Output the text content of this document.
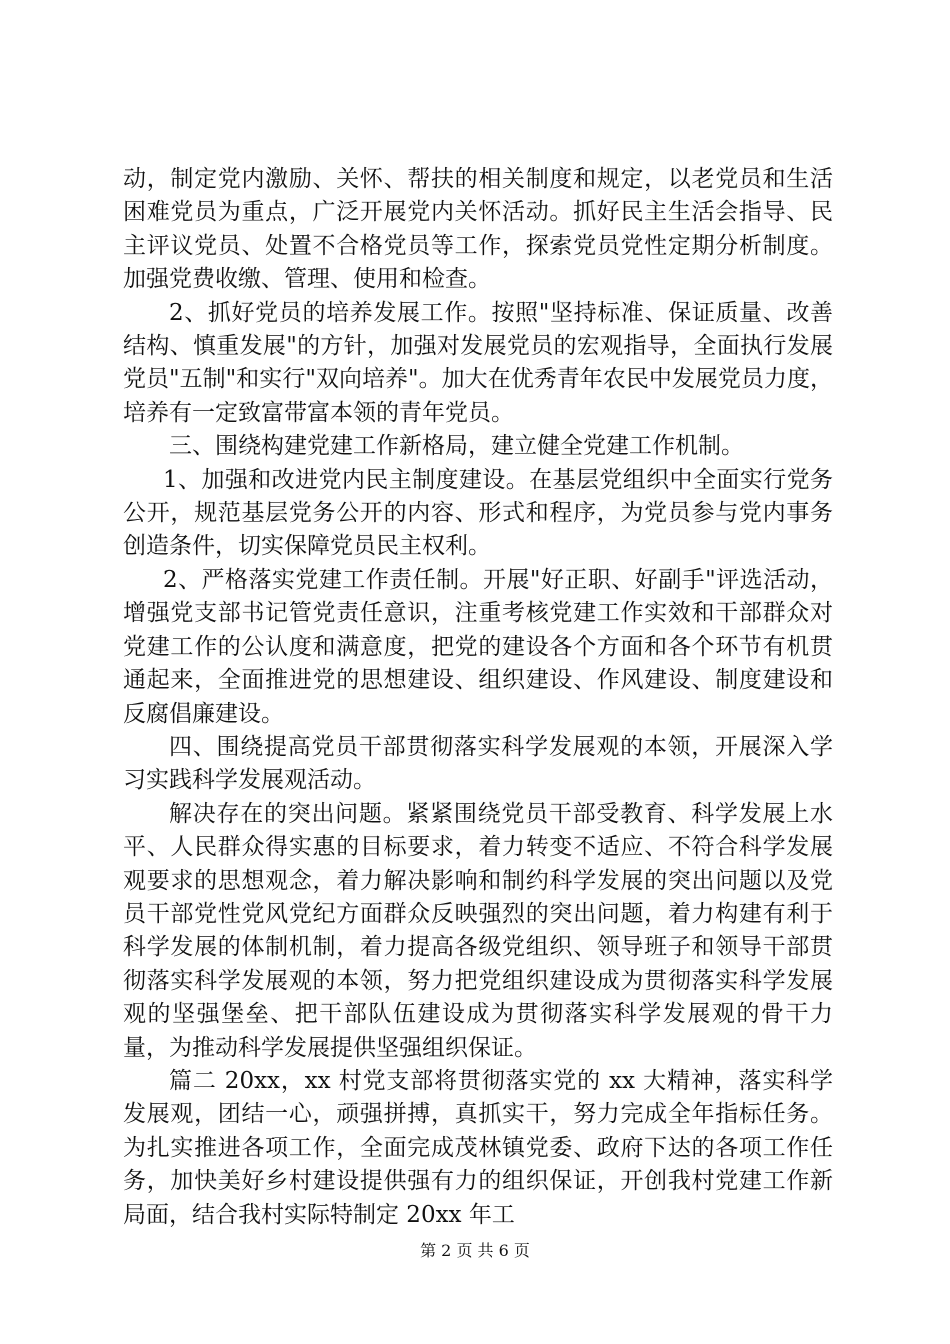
动，制定党内激励、关怀、帮扶的相关制度和规定，以老党员和生活困难党员为重点，广泛开展党内关怀活动。抓好民主生活会指导、民主评议党员、处置不合格党员等工作，探索党员党性定期分析制度。加强党费收缴、管理、使用和检查。

2、抓好党员的培养发展工作。按照"坚持标准、保证质量、改善结构、慎重发展"的方针，加强对发展党员的宏观指导，全面执行发展党员"五制"和实行"双向培养"。加大在优秀青年农民中发展党员力度，培养有一定致富带富本领的青年党员。

三、围绕构建党建工作新格局，建立健全党建工作机制。

1、加强和改进党内民主制度建设。在基层党组织中全面实行党务公开，规范基层党务公开的内容、形式和程序，为党员参与党内事务创造条件，切实保障党员民主权利。

2、严格落实党建工作责任制。开展"好正职、好副手"评选活动，增强党支部书记管党责任意识，注重考核党建工作实效和干部群众对党建工作的公认度和满意度，把党的建设各个方面和各个环节有机贯通起来，全面推进党的思想建设、组织建设、作风建设、制度建设和反腐倡廉建设。

四、围绕提高党员干部贯彻落实科学发展观的本领，开展深入学习实践科学发展观活动。

解决存在的突出问题。紧紧围绕党员干部受教育、科学发展上水平、人民群众得实惠的目标要求，着力转变不适应、不符合科学发展观要求的思想观念，着力解决影响和制约科学发展的突出问题以及党员干部党性党风党纪方面群众反映强烈的突出问题，着力构建有利于科学发展的体制机制，着力提高各级党组织、领导班子和领导干部贯彻落实科学发展观的本领，努力把党组织建设成为贯彻落实科学发展观的坚强堡垒、把干部队伍建设成为贯彻落实科学发展观的骨干力量，为推动科学发展提供坚强组织保证。

篇二 20xx，xx 村党支部将贯彻落实党的 xx 大精神，落实科学发展观，团结一心，顽强拼搏，真抓实干，努力完成全年指标任务。为扎实推进各项工作，全面完成茂林镇党委、政府下达的各项工作任务，加快美好乡村建设提供强有力的组织保证，开创我村党建工作新局面，结合我村实际特制定 20xx 年工

第 2 页 共 6 页
